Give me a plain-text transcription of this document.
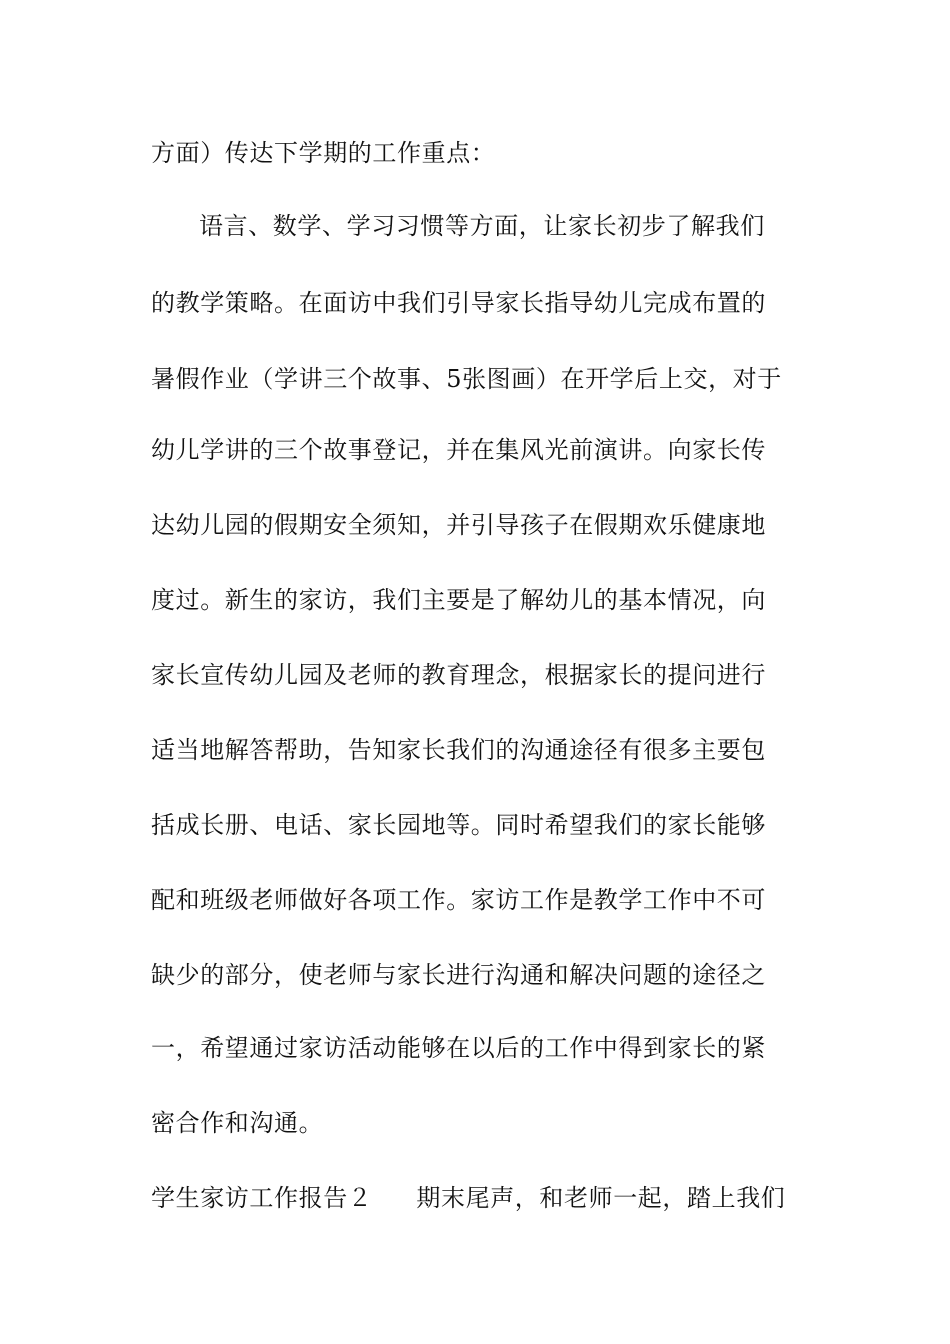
方面）传达下学期的工作重点：
语言、数学、学习习惯等方面，让家长初步了解我们
的教学策略。在面访中我们引导家长指导幼儿完成布置的
暑假作业（学讲三个故事、5张图画）在开学后上交，对于
幼儿学讲的三个故事登记，并在集风光前演讲。向家长传
达幼儿园的假期安全须知，并引导孩子在假期欢乐健康地
度过。新生的家访，我们主要是了解幼儿的基本情况，向
家长宣传幼儿园及老师的教育理念，根据家长的提问进行
适当地解答帮助，告知家长我们的沟通途径有很多主要包
括成长册、电话、家长园地等。同时希望我们的家长能够
配和班级老师做好各项工作。家访工作是教学工作中不可
缺少的部分，使老师与家长进行沟通和解决问题的途径之
一，希望通过家访活动能够在以后的工作中得到家长的紧
密合作和沟通。
学生家访工作报告２ 期末尾声，和老师一起，踏上我们
